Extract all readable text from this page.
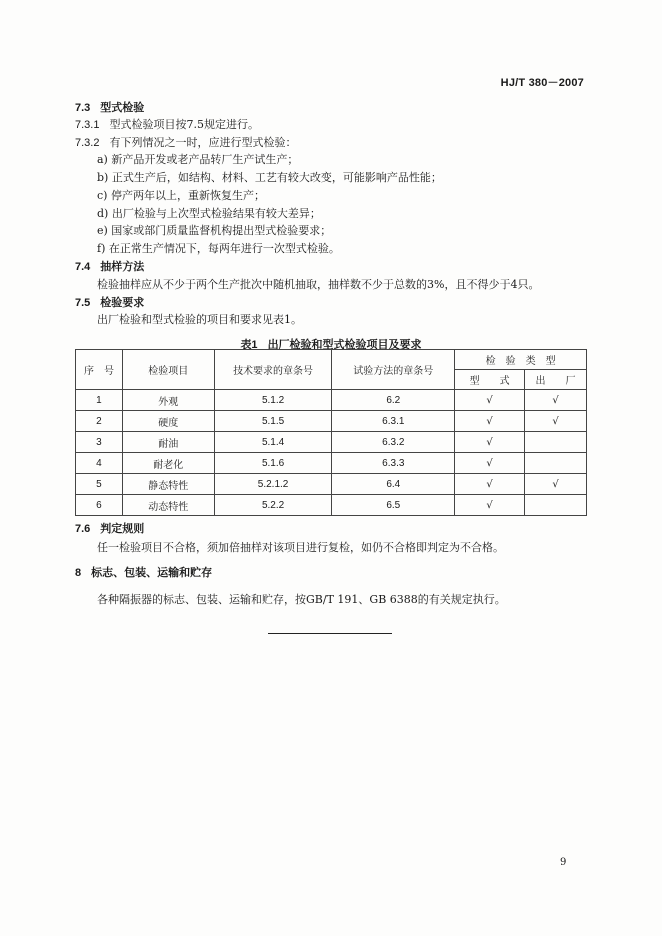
HJ/T 380－2007
7.3 型式检验
7.3.1 型式检验项目按7.5规定进行。
7.3.2 有下列情况之一时，应进行型式检验：
a) 新产品开发或老产品转厂生产试生产；
b) 正式生产后，如结构、材料、工艺有较大改变，可能影响产品性能；
c) 停产两年以上，重新恢复生产；
d) 出厂检验与上次型式检验结果有较大差异；
e) 国家或部门质量监督机构提出型式检验要求；
f) 在正常生产情况下，每两年进行一次型式检验。
7.4 抽样方法
检验抽样应从不少于两个生产批次中随机抽取，抽样数不少于总数的3%，且不得少于4只。
7.5 检验要求
出厂检验和型式检验的项目和要求见表1。
表1 出厂检验和型式检验项目及要求
序　号	检验项目	技术要求的章条号	试验方法的章条号	检　验　类　型	
				型　　式	出　　厂
1	外观	5.1.2	6.2	√	√
2	硬度	5.1.5	6.3.1	√	√
3	耐油	5.1.4	6.3.2	√	
4	耐老化	5.1.6	6.3.3	√	
5	静态特性	5.2.1.2	6.4	√	√
6	动态特性	5.2.2	6.5	√	
7.6 判定规则
任一检验项目不合格，须加倍抽样对该项目进行复检，如仍不合格即判定为不合格。
8 标志、包装、运输和贮存
各种隔振器的标志、包装、运输和贮存，按GB/T 191、GB 6388的有关规定执行。
9
